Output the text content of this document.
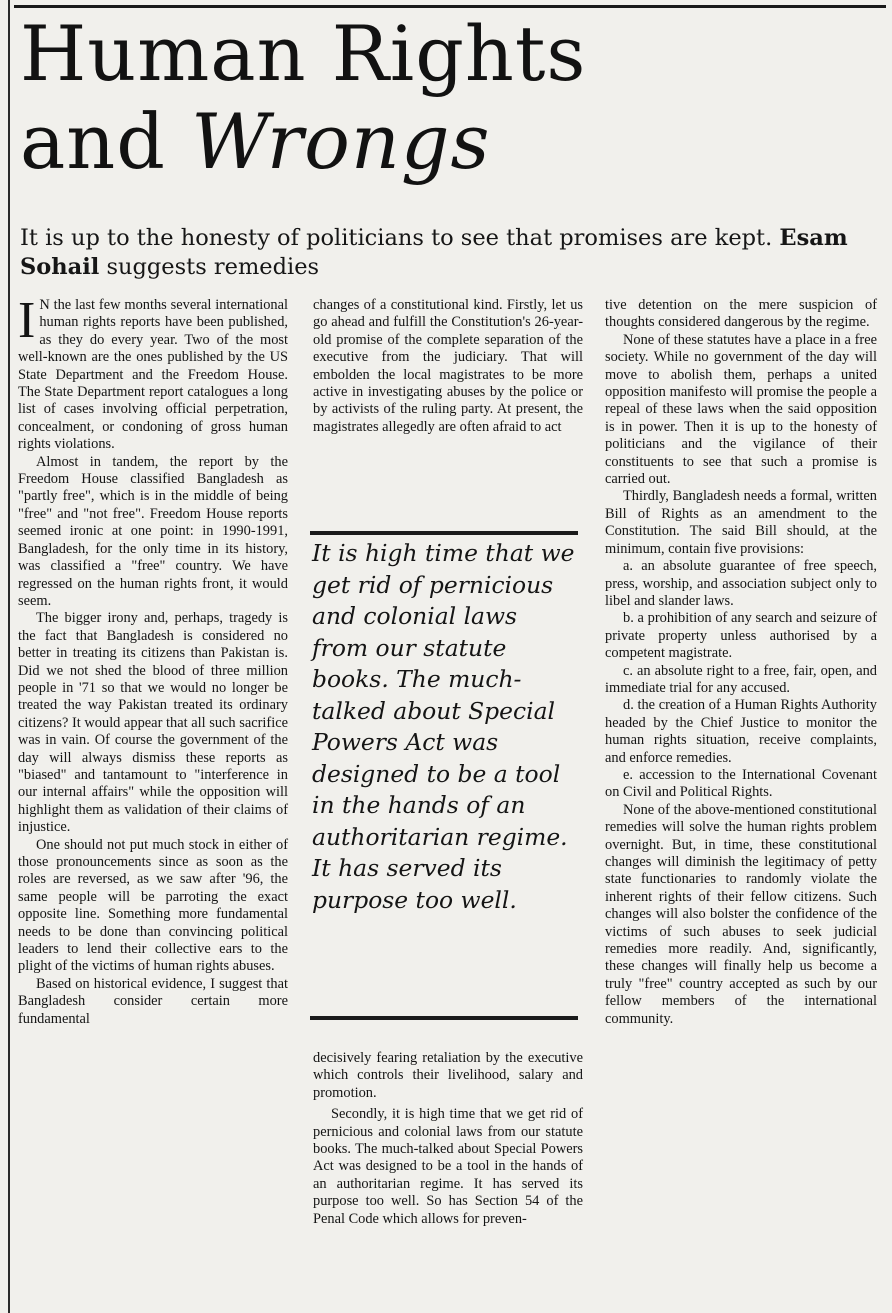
Human Rights
and Wrongs
It is up to the honesty of politicians to see that promises are kept. Esam Sohail suggests remedies

I N the last few months several international human rights reports have been published, as they do every year. Two of the most well-known are the ones published by the US State Department and the Freedom House. The State Department report catalogues a long list of cases involving official perpetration, concealment, or condoning of gross human rights violations.

Almost in tandem, the report by the Freedom House classified Bangladesh as "partly free", which is in the middle of being "free" and "not free". Freedom House reports seemed ironic at one point: in 1990-1991, Bangladesh, for the only time in its history, was classified a "free" country. We have regressed on the human rights front, it would seem.

The bigger irony and, perhaps, tragedy is the fact that Bangladesh is considered no better in treating its citizens than Pakistan is. Did we not shed the blood of three million people in '71 so that we would no longer be treated the way Pakistan treated its ordinary citizens? It would appear that all such sacrifice was in vain. Of course the government of the day will always dismiss these reports as "biased" and tantamount to "interference in our internal affairs" while the opposition will highlight them as validation of their claims of injustice.

One should not put much stock in either of those pronouncements since as soon as the roles are reversed, as we saw after '96, the same people will be parroting the exact opposite line. Something more fundamental needs to be done than convincing political leaders to lend their collective ears to the plight of the victims of human rights abuses.

Based on historical evidence, I suggest that Bangladesh consider certain more fundamental

changes of a constitutional kind. Firstly, let us go ahead and fulfill the Constitution's 26-year-old promise of the complete separation of the executive from the judiciary. That will embolden the local magistrates to be more active in investigating abuses by the police or by activists of the ruling party. At present, the magistrates allegedly are often afraid to act

It is high time that we get rid of pernicious and colonial laws from our statute books. The much-talked about Special Powers Act was designed to be a tool in the hands of an authoritarian regime. It has served its purpose too well.

decisively fearing retaliation by the executive which controls their livelihood, salary and promotion.

Secondly, it is high time that we get rid of pernicious and colonial laws from our statute books. The much-talked about Special Powers Act was designed to be a tool in the hands of an authoritarian regime. It has served its purpose too well. So has Section 54 of the Penal Code which allows for preven-

tive detention on the mere suspicion of thoughts considered dangerous by the regime.

None of these statutes have a place in a free society. While no government of the day will move to abolish them, perhaps a united opposition manifesto will promise the people a repeal of these laws when the said opposition is in power. Then it is up to the honesty of politicians and the vigilance of their constituents to see that such a promise is carried out.

Thirdly, Bangladesh needs a formal, written Bill of Rights as an amendment to the Constitution. The said Bill should, at the minimum, contain five provisions:

a. an absolute guarantee of free speech, press, worship, and association subject only to libel and slander laws.

b. a prohibition of any search and seizure of private property unless authorised by a competent magistrate.

c. an absolute right to a free, fair, open, and immediate trial for any accused.

d. the creation of a Human Rights Authority headed by the Chief Justice to monitor the human rights situation, receive complaints, and enforce remedies.

e. accession to the International Covenant on Civil and Political Rights.

None of the above-mentioned constitutional remedies will solve the human rights problem overnight. But, in time, these constitutional changes will diminish the legitimacy of petty state functionaries to randomly violate the inherent rights of their fellow citizens. Such changes will also bolster the confidence of the victims of such abuses to seek judicial remedies more readily. And, significantly, these changes will finally help us become a truly "free" country accepted as such by our fellow members of the international community.
